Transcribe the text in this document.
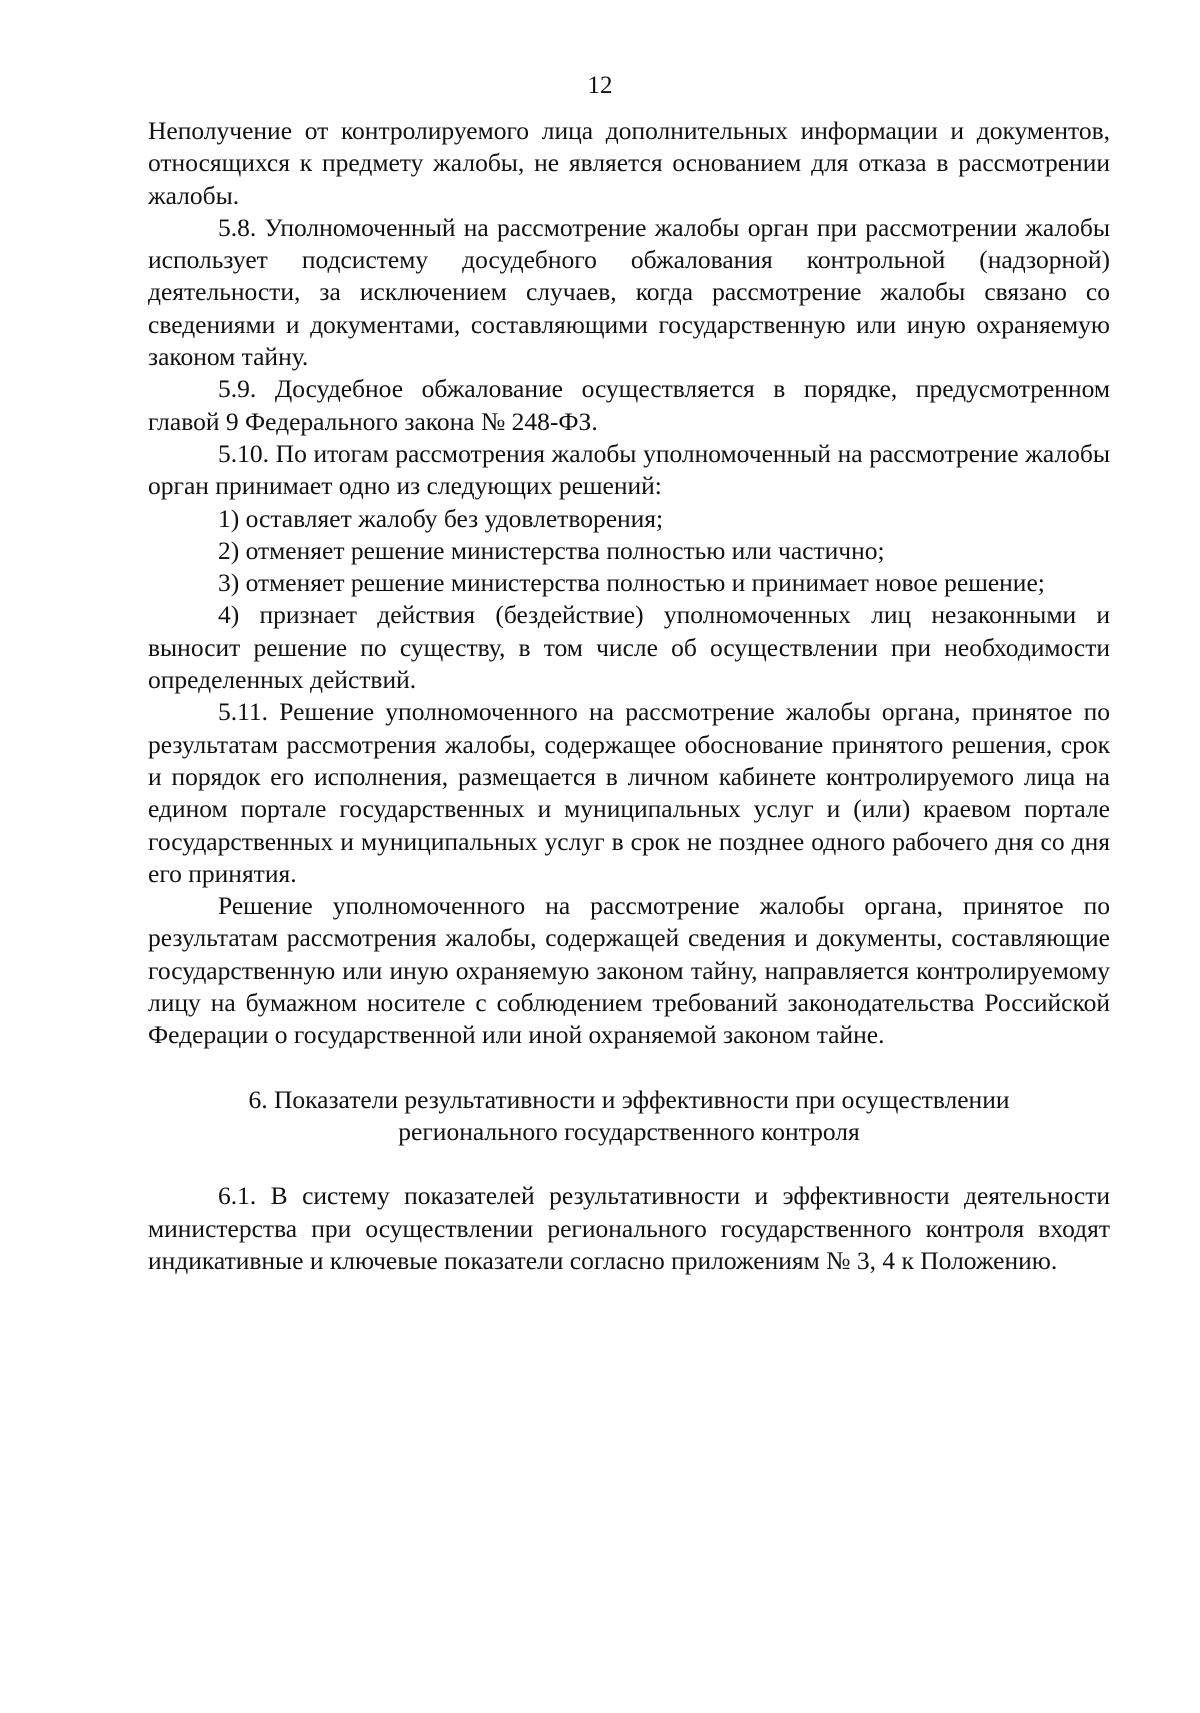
12

Неполучение от контролируемого лица дополнительных информации и документов, относящихся к предмету жалобы, не является основанием для отказа в рассмотрении жалобы.

5.8. Уполномоченный на рассмотрение жалобы орган при рассмотрении жалобы использует подсистему досудебного обжалования контрольной (надзорной) деятельности, за исключением случаев, когда рассмотрение жалобы связано со сведениями и документами, составляющими государственную или иную охраняемую законом тайну.

5.9. Досудебное обжалование осуществляется в порядке, предусмотренном главой 9 Федерального закона № 248-ФЗ.

5.10. По итогам рассмотрения жалобы уполномоченный на рассмотрение жалобы орган принимает одно из следующих решений:

1) оставляет жалобу без удовлетворения;

2) отменяет решение министерства полностью или частично;

3) отменяет решение министерства полностью и принимает новое решение;

4) признает действия (бездействие) уполномоченных лиц незаконными и выносит решение по существу, в том числе об осуществлении при необходимости определенных действий.

5.11. Решение уполномоченного на рассмотрение жалобы органа, принятое по результатам рассмотрения жалобы, содержащее обоснование принятого решения, срок и порядок его исполнения, размещается в личном кабинете контролируемого лица на едином портале государственных и муниципальных услуг и (или) краевом портале государственных и муниципальных услуг в срок не позднее одного рабочего дня со дня его принятия.

Решение уполномоченного на рассмотрение жалобы органа, принятое по результатам рассмотрения жалобы, содержащей сведения и документы, составляющие государственную или иную охраняемую законом тайну, направляется контролируемому лицу на бумажном носителе с соблюдением требований законодательства Российской Федерации о государственной или иной охраняемой законом тайне.

6. Показатели результативности и эффективности при осуществлении

регионального государственного контроля

6.1. В систему показателей результативности и эффективности деятельности министерства при осуществлении регионального государственного контроля входят индикативные и ключевые показатели согласно приложениям № 3, 4 к Положению.
